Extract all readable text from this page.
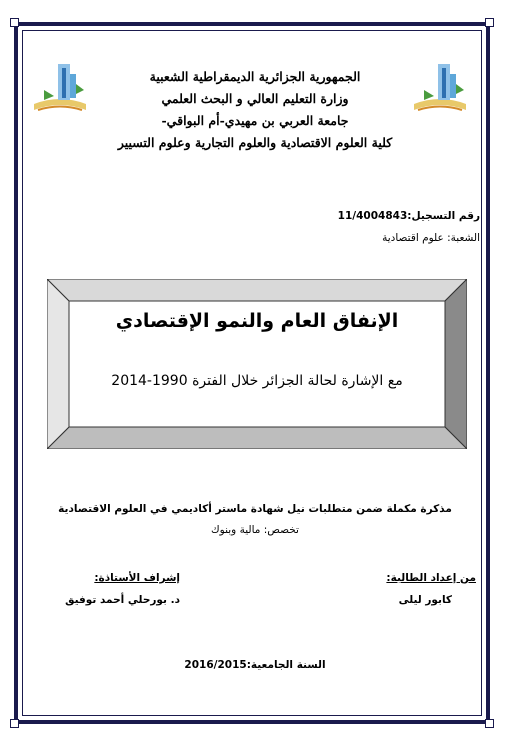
الجمهورية الجزائرية الديمقراطية الشعبية
وزارة التعليم العالي و البحث العلمي
جامعة العربي بن مهيدي-أم البواقي-
كلية العلوم الاقتصادية والعلوم التجارية وعلوم التسيير
رقم التسجيل:11/4004843
الشعبة: علوم اقتصادية
الإنفاق العام والنمو الإقتصادي
مع الإشارة لحالة الجزائر خلال الفترة 1990-2014
مذكرة مكملة ضمن متطلبات نيل شهادة ماستر أكاديمي في العلوم الاقتصادية
تخصص: مالية وبنوك
من إعداد الطالبة:
كابور ليلى
إشراف الأستاذة:
د. بورحلي أحمد توفيق
السنة الجامعية:2016/2015
